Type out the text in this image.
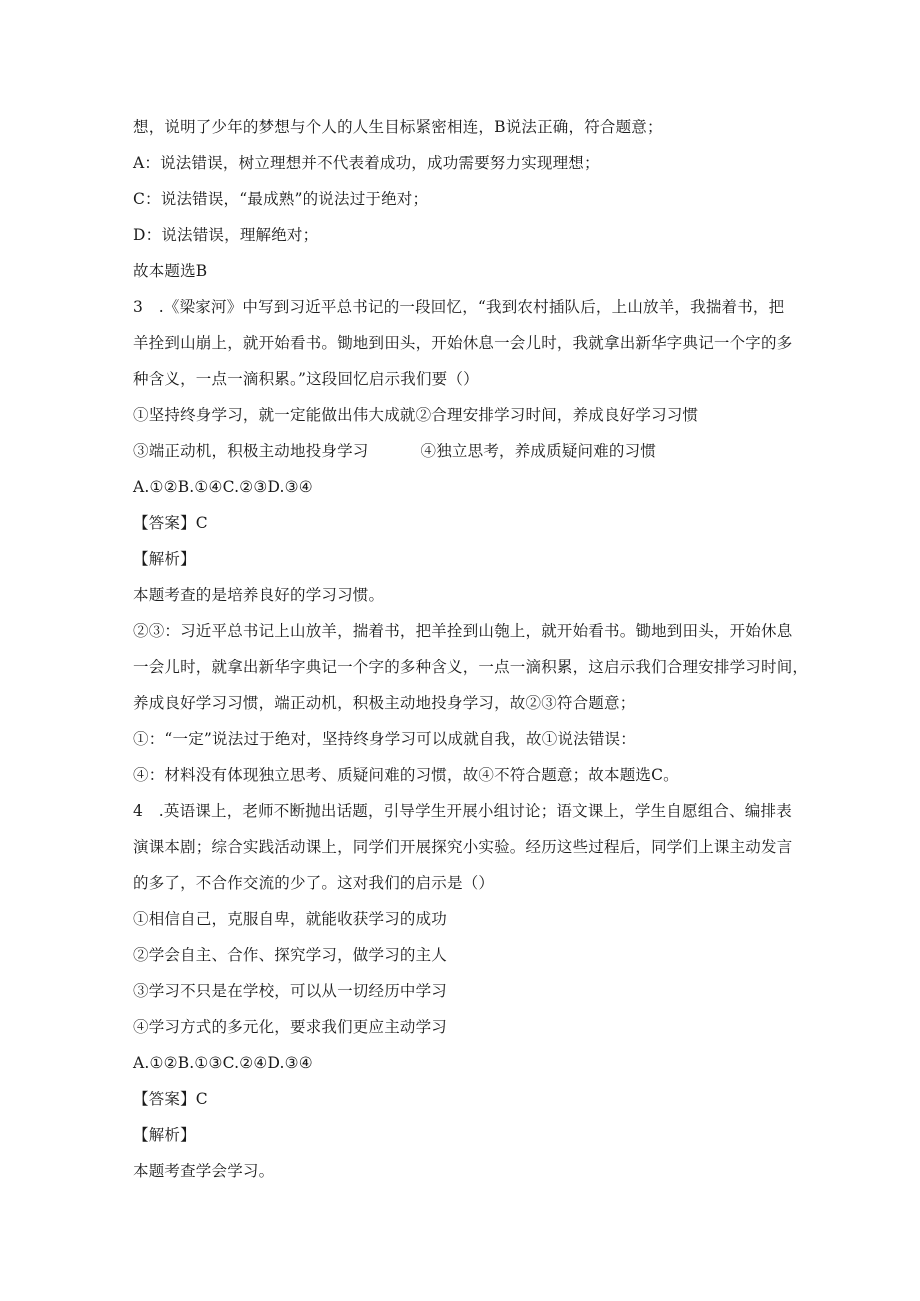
想，说明了少年的梦想与个人的人生目标紧密相连，B说法正确，符合题意；
A：说法错误，树立理想并不代表着成功，成功需要努力实现理想；
C：说法错误，“最成熟”的说法过于绝对；
D：说法错误，理解绝对；
故本题选B
3　.《梁家河》中写到习近平总书记的一段回忆，“我到农村插队后，上山放羊，我揣着书，把
羊拴到山崩上，就开始看书。锄地到田头，开始休息一会儿时，我就拿出新华字典记一个字的多
种含义，一点一滴积累。”这段回忆启示我们要（）
①坚持终身学习，就一定能做出伟大成就②合理安排学习时间，养成良好学习习惯
③端正动机，积极主动地投身学习	④独立思考，养成质疑问难的习惯
A.①②B.①④C.②③D.③④
【答案】C
【解析】
本题考查的是培养良好的学习习惯。
②③：习近平总书记上山放羊，揣着书，把羊拴到山匏上，就开始看书。锄地到田头，开始休息
一会儿时，就拿出新华字典记一个字的多种含义，一点一滴积累，这启示我们合理安排学习时间，
养成良好学习习惯，端正动机，积极主动地投身学习，故②③符合题意；
①：“一定”说法过于绝对，坚持终身学习可以成就自我，故①说法错误：
④：材料没有体现独立思考、质疑问难的习惯，故④不符合题意；故本题选C。
4　.英语课上，老师不断抛出话题，引导学生开展小组讨论；语文课上，学生自愿组合、编排表
演课本剧；综合实践活动课上，同学们开展探究小实验。经历这些过程后，同学们上课主动发言
的多了，不合作交流的少了。这对我们的启示是（）
①相信自己，克服自卑，就能收获学习的成功
②学会自主、合作、探究学习，做学习的主人
③学习不只是在学校，可以从一切经历中学习
④学习方式的多元化，要求我们更应主动学习
A.①②B.①③C.②④D.③④
【答案】C
【解析】
本题考查学会学习。
